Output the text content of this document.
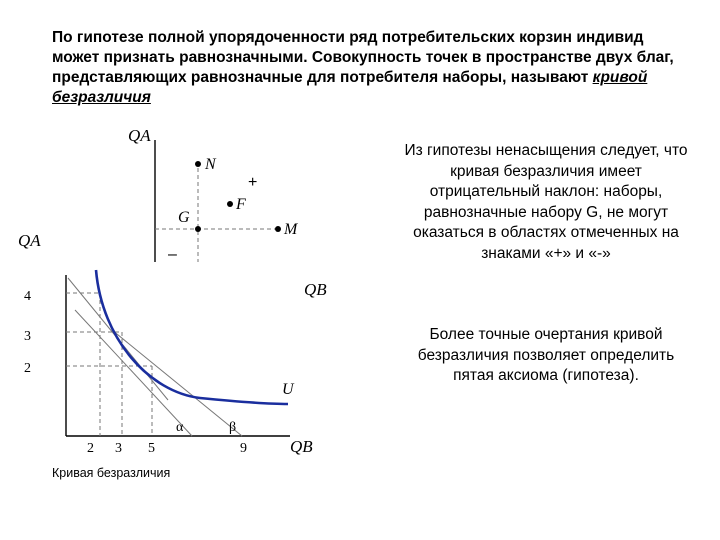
По гипотезе полной упорядоченности ряд потребительских корзин индивид может признать равнозначными. Совокупность точек в пространстве двух благ, представляющих равнозначные для потребителя наборы, называют кривой безразличия
Из гипотезы ненасыщения следует, что кривая безразличия имеет отрицательный наклон: наборы, равнозначные набору G, не могут оказаться в областях отмеченных на знаками «+» и «-»
Более точные очертания кривой безразличия позволяет определить пятая аксиома (гипотеза).
N
F
G
M
+
–
QA
QB
QA
QB
U
α	β
4
3
2
2 3 5	9
Кривая безразличия
